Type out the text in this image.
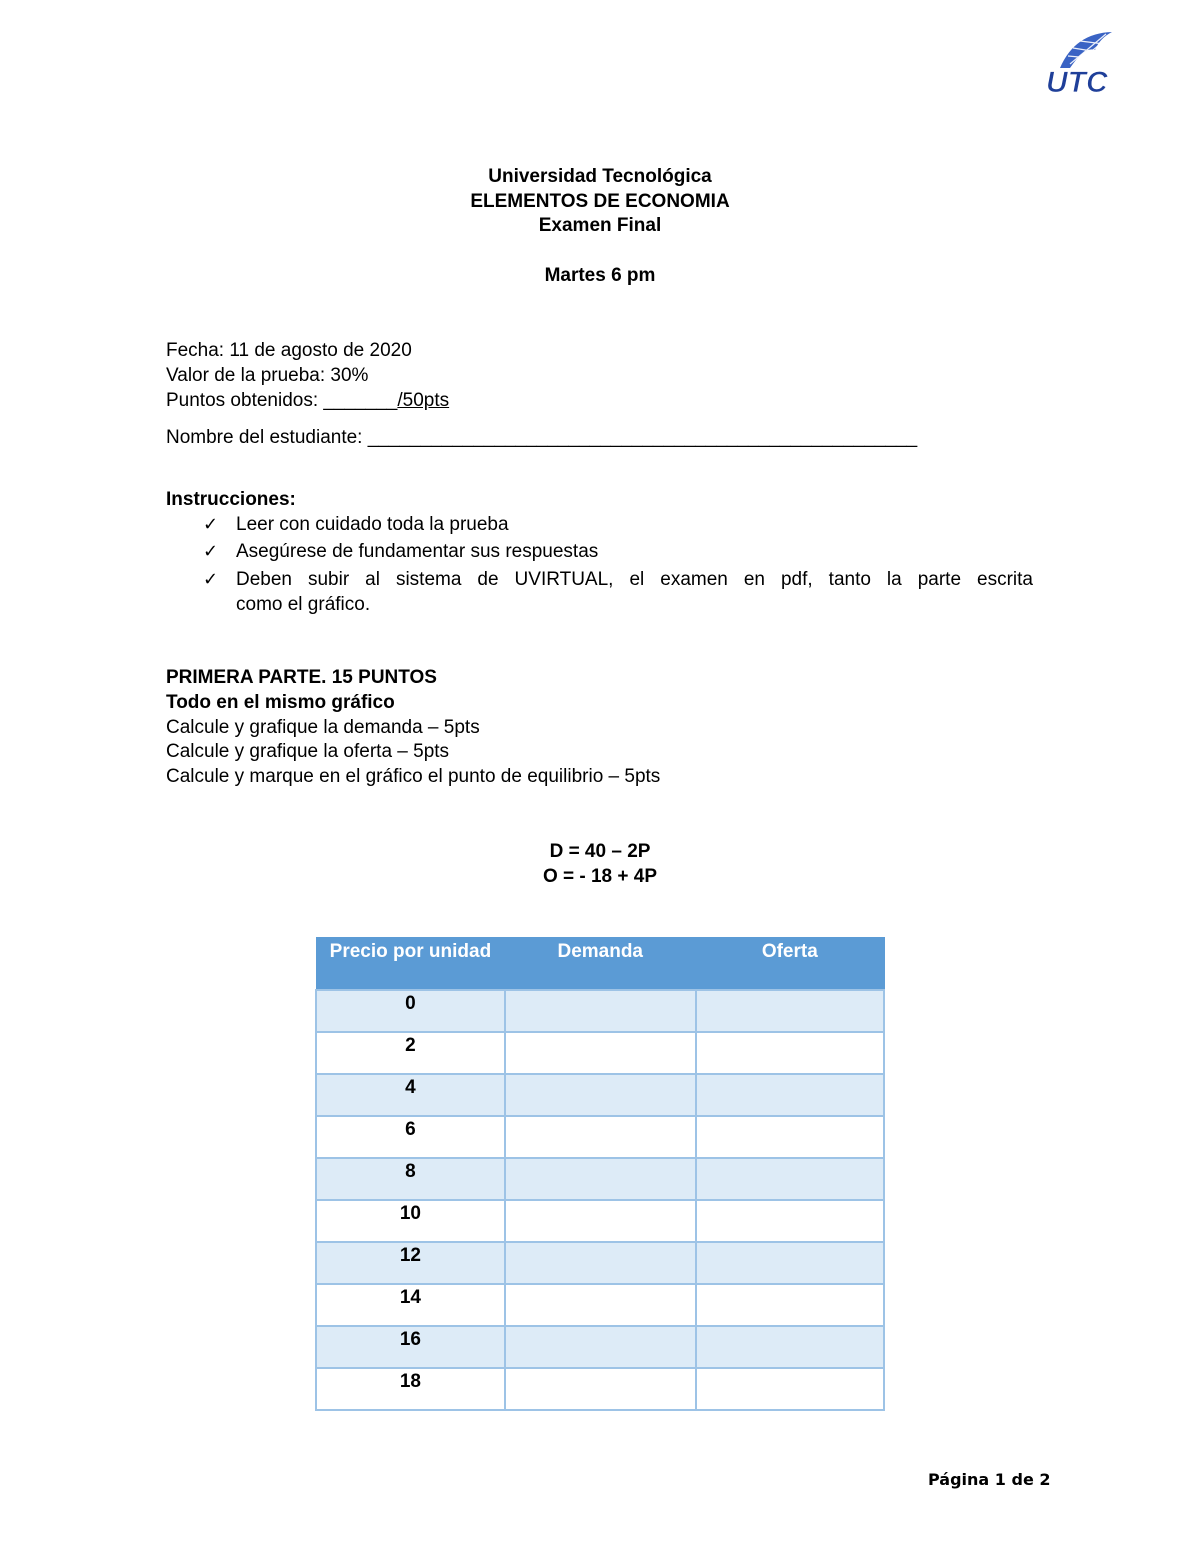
UTC
Universidad Tecnológica
ELEMENTOS DE ECONOMIA
Examen Final
Martes 6 pm
Fecha: 11 de agosto de 2020
Valor de la prueba: 30%
Puntos obtenidos: _______/50pts
Nombre del estudiante: ____________________________________________________
Instrucciones:
✓ Leer con cuidado toda la prueba
✓ Asegúrese de fundamentar sus respuestas
✓ Deben subir al sistema de UVIRTUAL, el examen en pdf, tanto la parte escrita
como el gráfico.
PRIMERA PARTE. 15 PUNTOS
Todo en el mismo gráfico
Calcule y grafique la demanda – 5pts
Calcule y grafique la oferta – 5pts
Calcule y marque en el gráfico el punto de equilibrio – 5pts
D = 40 – 2P
O = - 18 + 4P
Precio por unidad	Demanda	Oferta
0		
2		
4		
6		
8		
10		
12		
14		
16		
18		
Página 1 de 2
